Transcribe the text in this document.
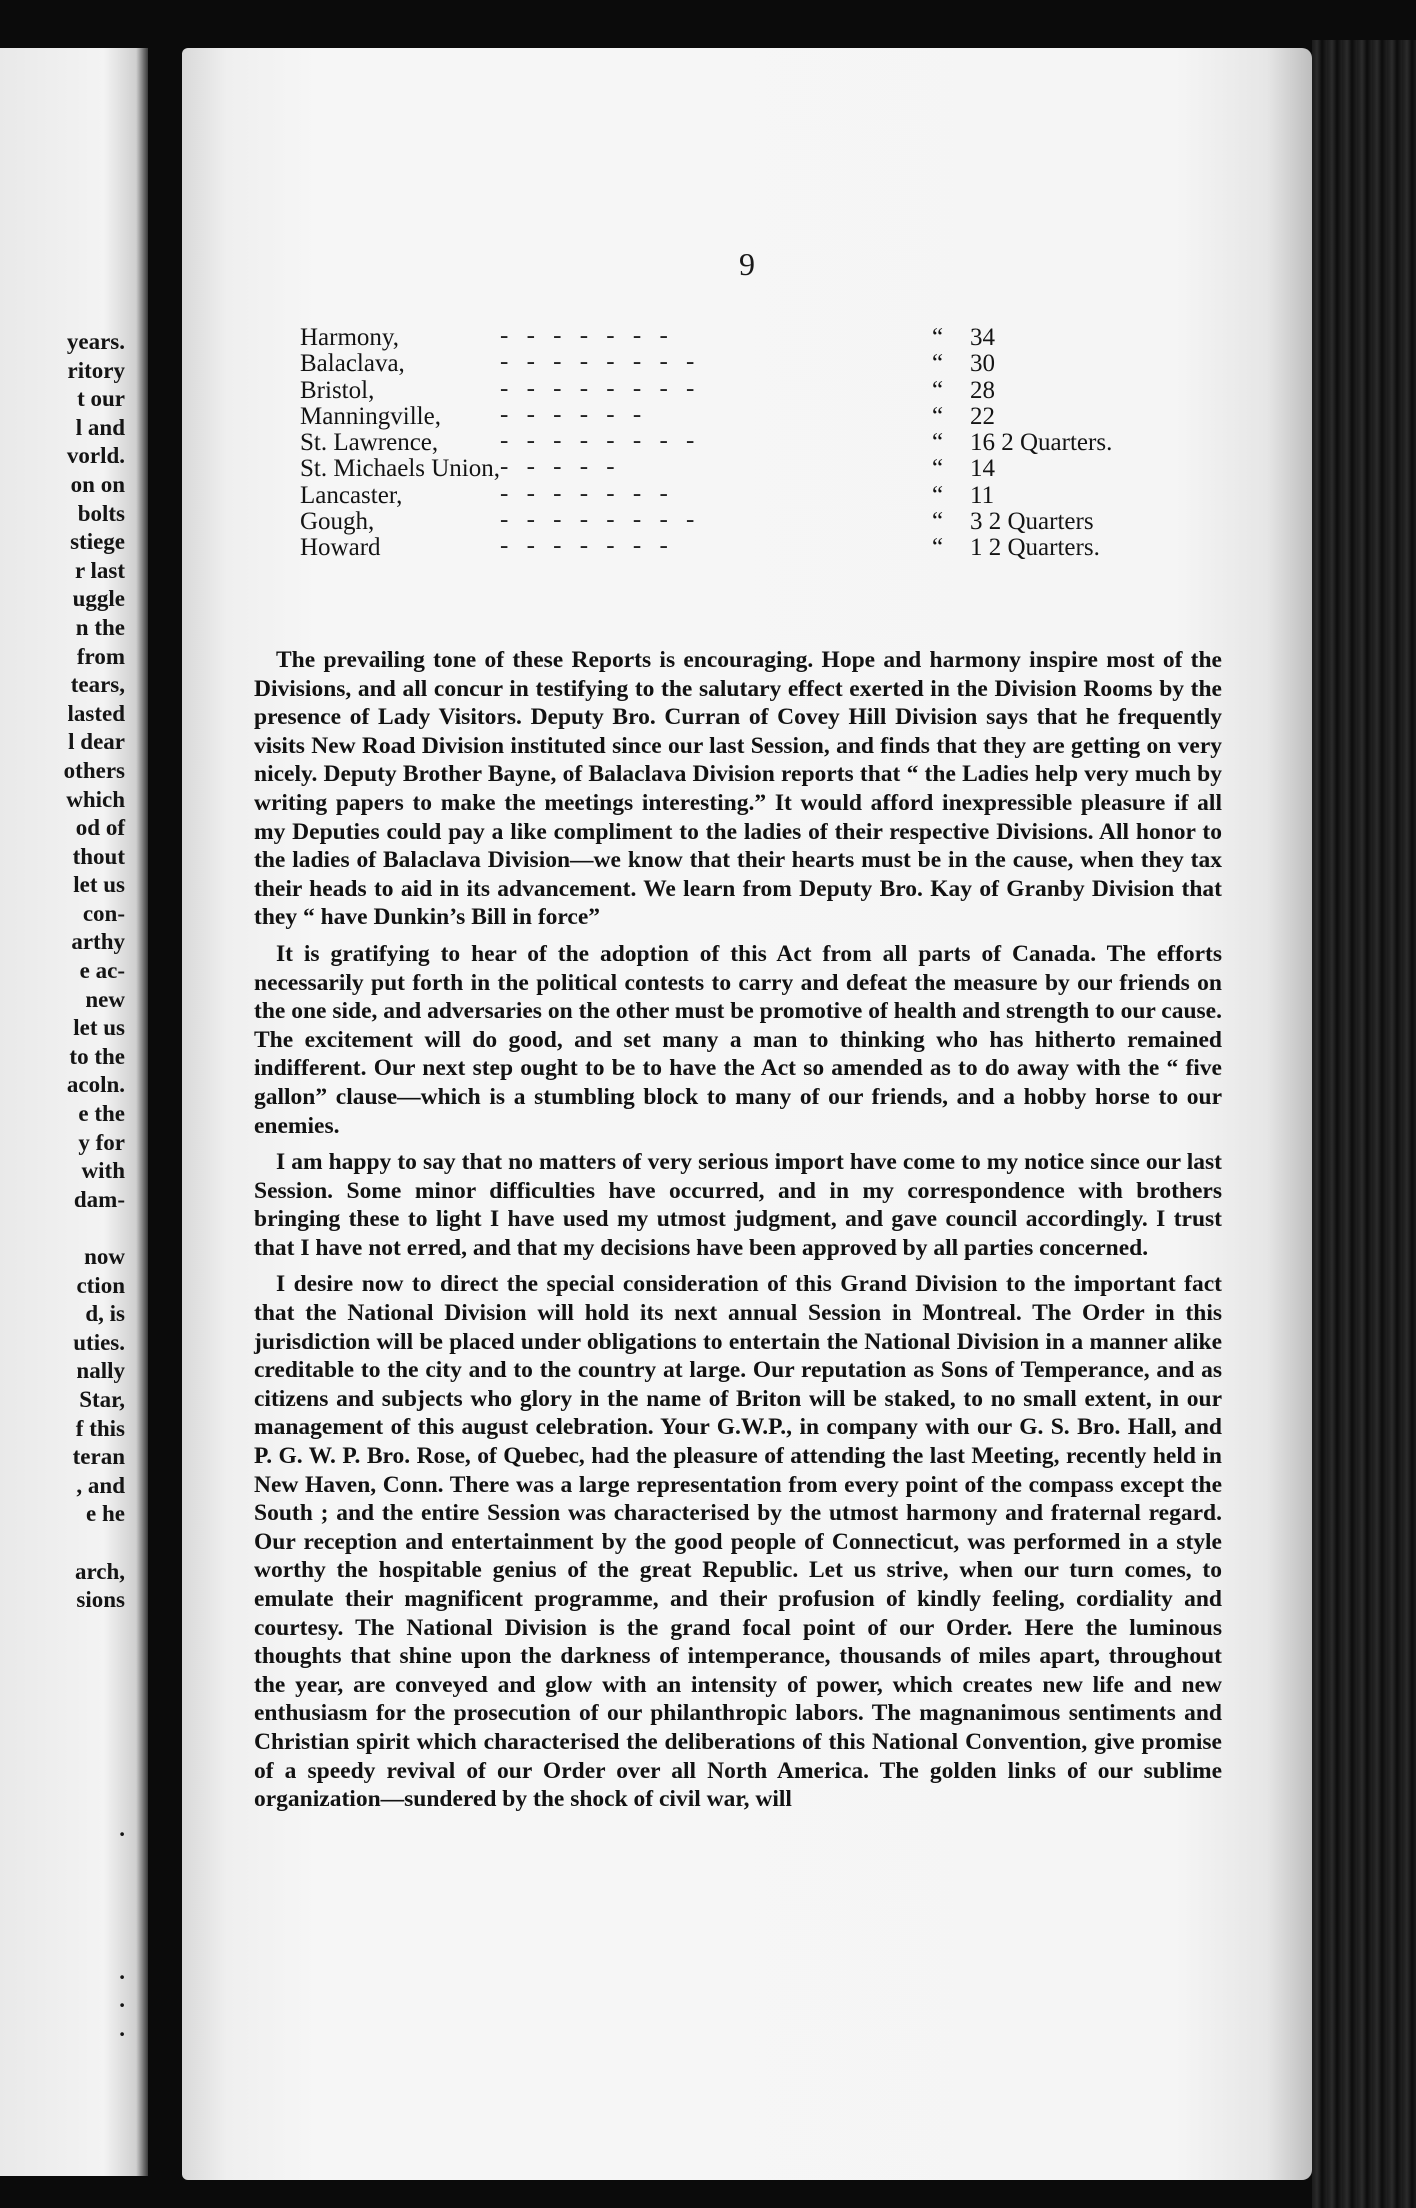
years.
ritory
t our
l and
vorld.
on on
bolts
stiege
r last
uggle
n the
from
tears,
lasted
l dear
others
which
od of
thout
let us
con-
arthy
e ac-
new
let us
to the
acoln.
e the
y for
with
dam-
now
ction
d, is
uties.
nally
Star,
f this
teran
, and
e he
arch,
sions
.
.
.
.
9
Harmony,	- - - - - - -	“ 34
Balaclava,	- - - - - - - -	“ 30
Bristol,	- - - - - - - -	“ 28
Manningville, - - - - - -	“ 22
St. Lawrence, - - - - - - - -	“ 16 2 Quarters.
St. Michaels Union, - - - - -	“ 14
Lancaster,	- - - - - - -	“ 11
Gough,	- - - - - - - -	“ 3 2 Quarters
Howard	- - - - - - -	“ 1 2 Quarters.

The prevailing tone of these Reports is encouraging. Hope and harmony inspire most of the Divisions, and all concur in testifying to the salutary effect exerted in the Division Rooms by the presence of Lady Visitors. Deputy Bro. Curran of Covey Hill Division says that he frequently visits New Road Division instituted since our last Session, and finds that they are getting on very nicely. Deputy Brother Bayne, of Balaclava Division reports that “ the Ladies help very much by writing papers to make the meetings interesting.” It would afford inexpressible pleasure if all my Deputies could pay a like compliment to the ladies of their respective Divisions. All honor to the ladies of Balaclava Division—we know that their hearts must be in the cause, when they tax their heads to aid in its advancement. We learn from Deputy Bro. Kay of Granby Division that they “ have Dunkin’s Bill in force”

It is gratifying to hear of the adoption of this Act from all parts of Canada. The efforts necessarily put forth in the political contests to carry and defeat the measure by our friends on the one side, and adversaries on the other must be promotive of health and strength to our cause. The excitement will do good, and set many a man to thinking who has hitherto remained indifferent. Our next step ought to be to have the Act so amended as to do away with the “ five gallon” clause—which is a stumbling block to many of our friends, and a hobby horse to our enemies.

I am happy to say that no matters of very serious import have come to my notice since our last Session. Some minor difficulties have occurred, and in my correspondence with brothers bringing these to light I have used my utmost judgment, and gave council accordingly. I trust that I have not erred, and that my decisions have been approved by all parties concerned.

I desire now to direct the special consideration of this Grand Division to the important fact that the National Division will hold its next annual Session in Montreal. The Order in this jurisdiction will be placed under obligations to entertain the National Division in a manner alike creditable to the city and to the country at large. Our reputation as Sons of Temperance, and as citizens and subjects who glory in the name of Briton will be staked, to no small extent, in our management of this august celebration. Your G.W.P., in company with our G. S. Bro. Hall, and P. G. W. P. Bro. Rose, of Quebec, had the pleasure of attending the last Meeting, recently held in New Haven, Conn. There was a large representation from every point of the compass except the South ; and the entire Session was characterised by the utmost harmony and fraternal regard. Our reception and entertainment by the good people of Connecticut, was performed in a style worthy the hospitable genius of the great Republic. Let us strive, when our turn comes, to emulate their magnificent programme, and their profusion of kindly feeling, cordiality and courtesy. The National Division is the grand focal point of our Order. Here the luminous thoughts that shine upon the darkness of intemperance, thousands of miles apart, throughout the year, are conveyed and glow with an intensity of power, which creates new life and new enthusiasm for the prosecution of our philanthropic labors. The magnanimous sentiments and Christian spirit which characterised the deliberations of this National Convention, give promise of a speedy revival of our Order over all North America. The golden links of our sublime organization—sundered by the shock of civil war, will
